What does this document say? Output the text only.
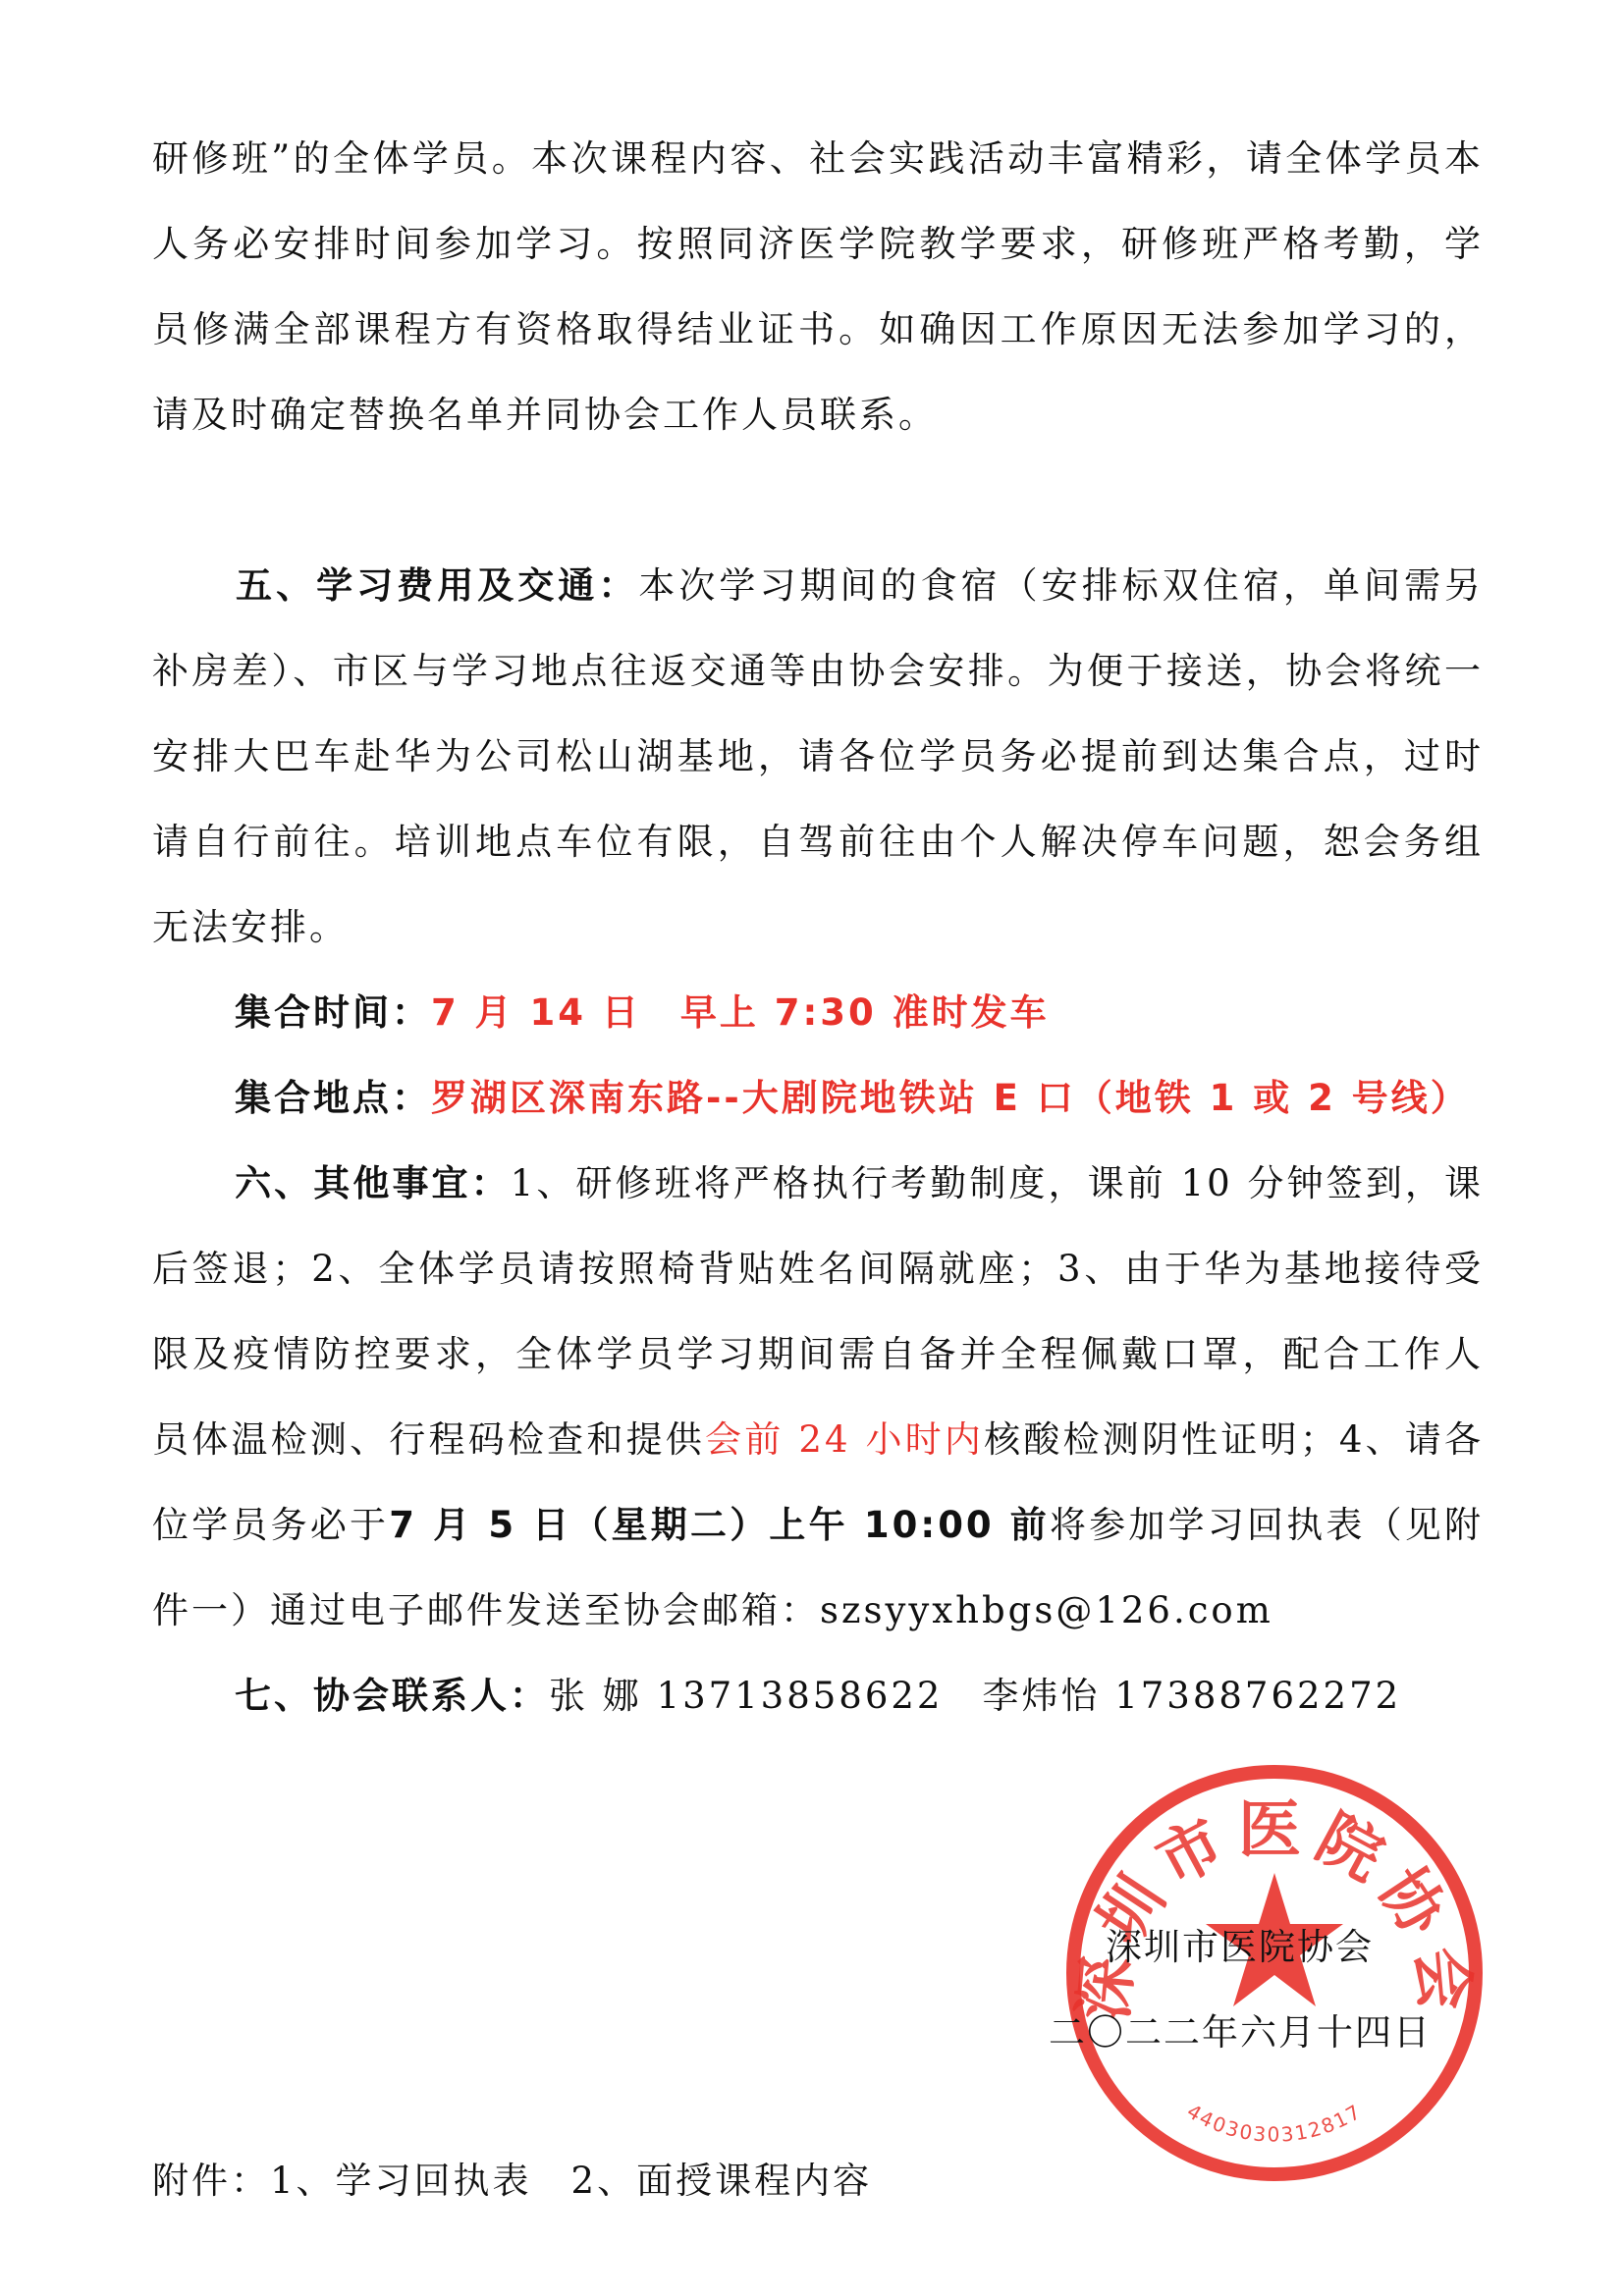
研修班”的全体学员。本次课程内容、社会实践活动丰富精彩，请全体学员本人务必安排时间参加学习。按照同济医学院教学要求，研修班严格考勤，学员修满全部课程方有资格取得结业证书。如确因工作原因无法参加学习的，请及时确定替换名单并同协会工作人员联系。

五、学习费用及交通：本次学习期间的食宿（安排标双住宿，单间需另补房差）、市区与学习地点往返交通等由协会安排。为便于接送，协会将统一安排大巴车赴华为公司松山湖基地，请各位学员务必提前到达集合点，过时请自行前往。培训地点车位有限，自驾前往由个人解决停车问题，恕会务组无法安排。

集合时间：7 月 14 日　早上 7:30 准时发车
集合地点：罗湖区深南东路--大剧院地铁站 E 口（地铁 1 或 2 号线）

六、其他事宜：1、研修班将严格执行考勤制度，课前 10 分钟签到，课后签退；2、全体学员请按照椅背贴姓名间隔就座；3、由于华为基地接待受限及疫情防控要求，全体学员学习期间需自备并全程佩戴口罩，配合工作人员体温检测、行程码检查和提供会前 24 小时内核酸检测阴性证明；4、请各位学员务必于7 月 5 日（星期二）上午 10:00 前将参加学习回执表（见附件一）通过电子邮件发送至协会邮箱：szsyyxhbgs@126.com

七、协会联系人：张 娜 13713858622　李炜怡 17388762272
深圳市医院协会
4403030312817
深圳市医院协会
二〇二二年六月十四日
附件：1、学习回执表　2、面授课程内容
